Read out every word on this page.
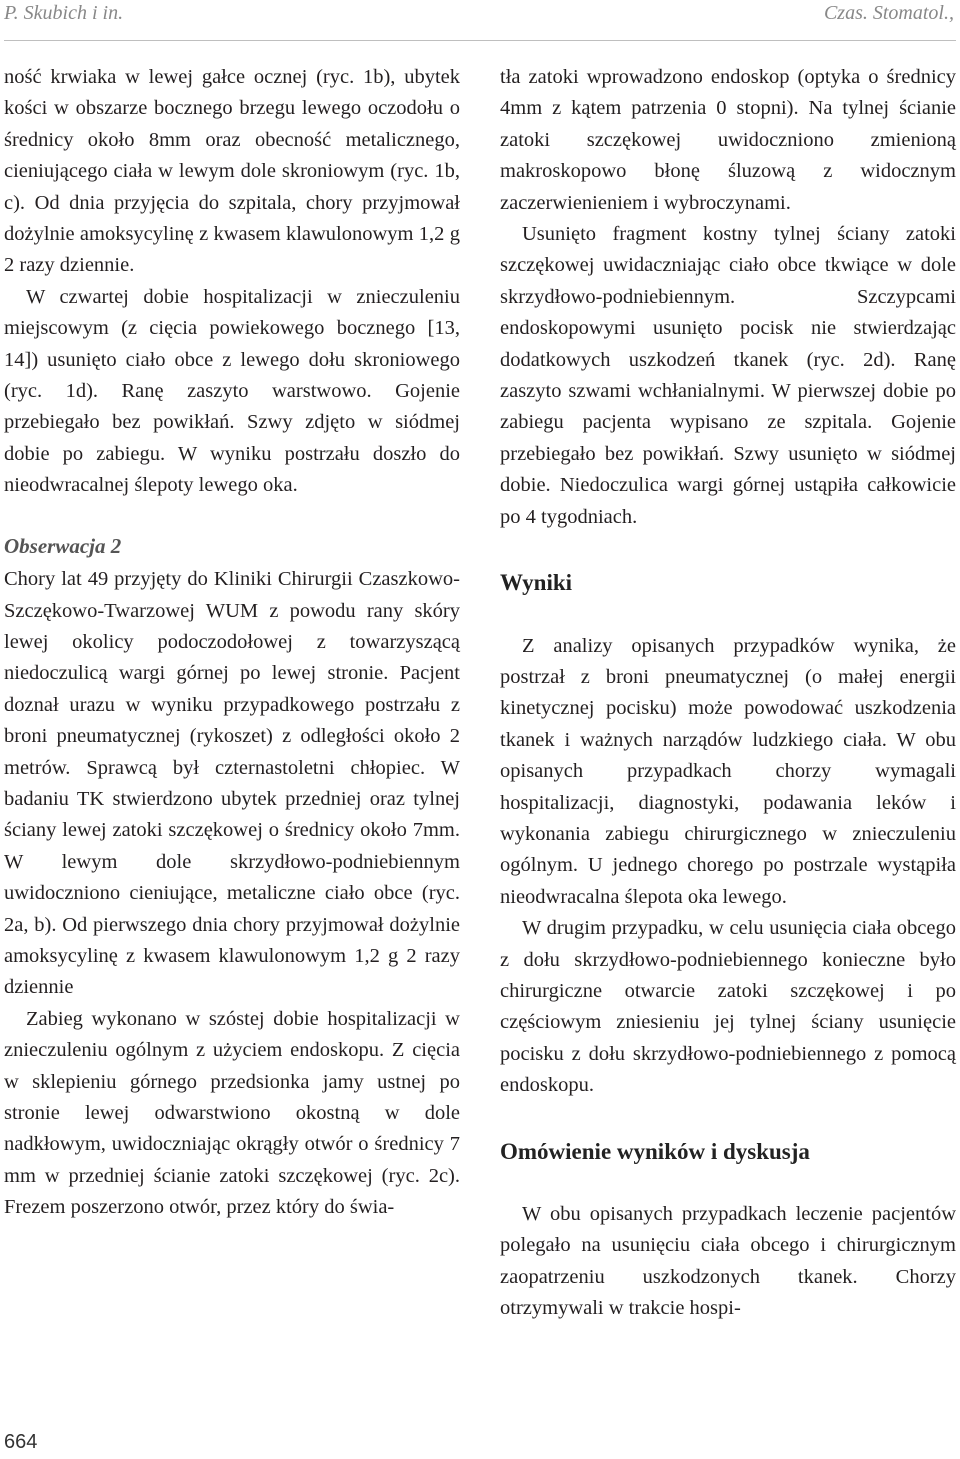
P. Skubich i in.	Czas. Stomatol.,

ność krwiaka w lewej gałce ocznej (ryc. 1b), ubytek kości w obszarze bocznego brzegu lewego oczodołu o średnicy około 8mm oraz obecność metalicznego, cieniującego ciała w lewym dole skroniowym (ryc. 1b, c). Od dnia przyjęcia do szpitala, chory przyjmował dożylnie amoksycylinę z kwasem klawulonowym 1,2 g 2 razy dziennie.

W czwartej dobie hospitalizacji w znieczuleniu miejscowym (z cięcia powiekowego bocznego [13, 14]) usunięto ciało obce z lewego dołu skroniowego (ryc. 1d). Ranę zaszyto warstwowo. Gojenie przebiegało bez powikłań. Szwy zdjęto w siódmej dobie po zabiegu. W wyniku postrzału doszło do nieodwracalnej ślepoty lewego oka.

Obserwacja 2

Chory lat 49 przyjęty do Kliniki Chirurgii Czaszkowo-Szczękowo-Twarzowej WUM z powodu rany skóry lewej okolicy podoczodołowej z towarzyszącą niedoczulicą wargi górnej po lewej stronie. Pacjent doznał urazu w wyniku przypadkowego postrzału z broni pneumatycznej (rykoszet) z odległości około 2 metrów. Sprawcą był czternastoletni chłopiec. W badaniu TK stwierdzono ubytek przedniej oraz tylnej ściany lewej zatoki szczękowej o średnicy około 7mm. W lewym dole skrzydłowo-podniebiennym uwidoczniono cieniujące, metaliczne ciało obce (ryc. 2a, b). Od pierwszego dnia chory przyjmował dożylnie amoksycylinę z kwasem klawulonowym 1,2 g 2 razy dziennie

Zabieg wykonano w szóstej dobie hospitalizacji w znieczuleniu ogólnym z użyciem endoskopu. Z cięcia w sklepieniu górnego przedsionka jamy ustnej po stronie lewej odwarstwiono okostną w dole nadkłowym, uwidoczniając okrągły otwór o średnicy 7 mm w przedniej ścianie zatoki szczękowej (ryc. 2c). Frezem poszerzono otwór, przez który do świa-

tła zatoki wprowadzono endoskop (optyka o średnicy 4mm z kątem patrzenia 0 stopni). Na tylnej ścianie zatoki szczękowej uwidoczniono zmienioną makroskopowo błonę śluzową z widocznym zaczerwienieniem i wybroczynami.

Usunięto fragment kostny tylnej ściany zatoki szczękowej uwidaczniając ciało obce tkwiące w dole skrzydłowo-podniebiennym. Szczypcami endoskopowymi usunięto pocisk nie stwierdzając dodatkowych uszkodzeń tkanek (ryc. 2d). Ranę zaszyto szwami wchłanialnymi. W pierwszej dobie po zabiegu pacjenta wypisano ze szpitala. Gojenie przebiegało bez powikłań. Szwy usunięto w siódmej dobie. Niedoczulica wargi górnej ustąpiła całkowicie po 4 tygodniach.

Wyniki

Z analizy opisanych przypadków wynika, że postrzał z broni pneumatycznej (o małej energii kinetycznej pocisku) może powodować uszkodzenia tkanek i ważnych narządów ludzkiego ciała. W obu opisanych przypadkach chorzy wymagali hospitalizacji, diagnostyki, podawania leków i wykonania zabiegu chirurgicznego w znieczuleniu ogólnym. U jednego chorego po postrzale wystąpiła nieodwracalna ślepota oka lewego.

W drugim przypadku, w celu usunięcia ciała obcego z dołu skrzydłowo-podniebiennego konieczne było chirurgiczne otwarcie zatoki szczękowej i po częściowym zniesieniu jej tylnej ściany usunięcie pocisku z dołu skrzydłowo-podniebiennego z pomocą endoskopu.

Omówienie wyników i dyskusja

W obu opisanych przypadkach leczenie pacjentów polegało na usunięciu ciała obcego i chirurgicznym zaopatrzeniu uszkodzonych tkanek. Chorzy otrzymywali w trakcie hospi-

664
